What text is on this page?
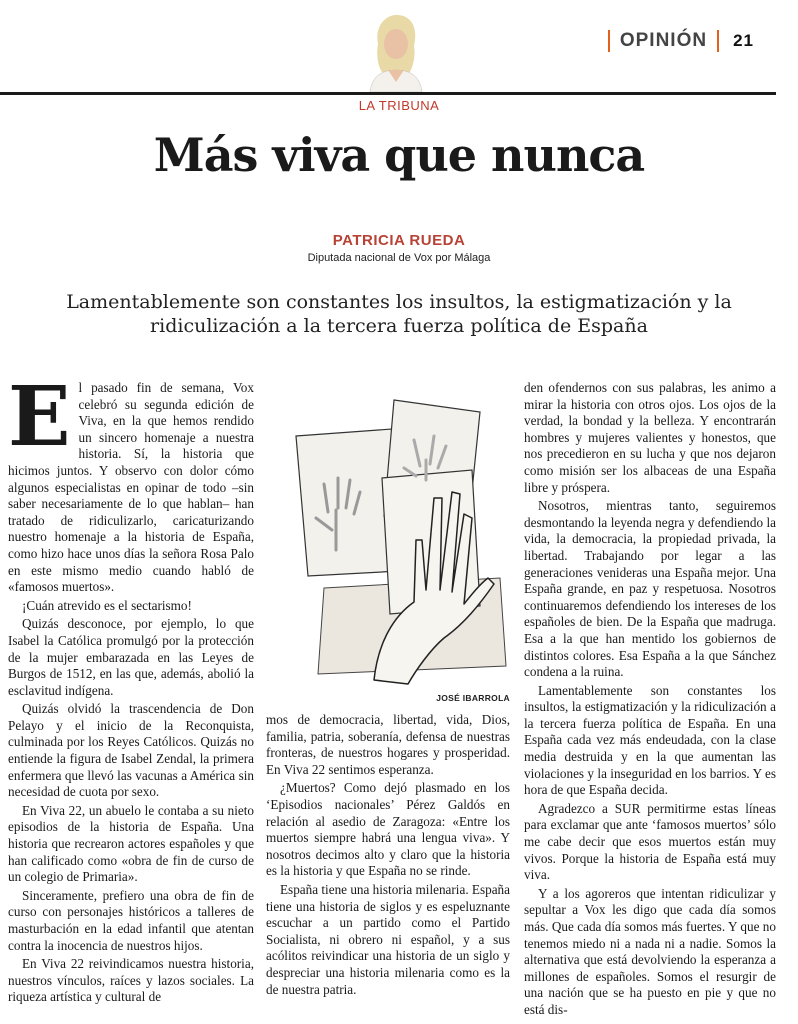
OPINIÓN 21
LA TRIBUNA
Más viva que nunca
PATRICIA RUEDA
Diputada nacional de Vox por Málaga
Lamentablemente son constantes los insultos, la estigmatización y la ridiculización a la tercera fuerza política de España

El pasado fin de semana, Vox celebró su segunda edición de Viva, en la que hemos rendido un sincero homenaje a nuestra historia. Sí, la historia que hicimos juntos. Y observo con dolor cómo algunos especialistas en opinar de todo –sin saber necesariamente de lo que hablan– han tratado de ridiculizarlo, caricaturizando nuestro homenaje a la historia de España, como hizo hace unos días la señora Rosa Palo en este mismo medio cuando habló de «famosos muertos».

¡Cuán atrevido es el sectarismo!

Quizás desconoce, por ejemplo, lo que Isabel la Católica promulgó por la protección de la mujer embarazada en las Leyes de Burgos de 1512, en las que, además, abolió la esclavitud indígena.

Quizás olvidó la trascendencia de Don Pelayo y el inicio de la Reconquista, culminada por los Reyes Católicos. Quizás no entiende la figura de Isabel Zendal, la primera enfermera que llevó las vacunas a América sin necesidad de cuota por sexo.

En Viva 22, un abuelo le contaba a su nieto episodios de la historia de España. Una historia que recrearon actores españoles y que han calificado como «obra de fin de curso de un colegio de Primaria».

Sinceramente, prefiero una obra de fin de curso con personajes históricos a talleres de masturbación en la edad infantil que atentan contra la inocencia de nuestros hijos.

En Viva 22 reivindicamos nuestra historia, nuestros vínculos, raíces y lazos sociales. La riqueza artística y cultural de

JOSÉ IBARROLA

mos de democracia, libertad, vida, Dios, familia, patria, soberanía, defensa de nuestras fronteras, de nuestros hogares y prosperidad. En Viva 22 sentimos esperanza.

¿Muertos? Como dejó plasmado en los ‘Episodios nacionales’ Pérez Galdós en relación al asedio de Zaragoza: «Entre los muertos siempre habrá una lengua viva». Y nosotros decimos alto y claro que la historia es la historia y que España no se rinde.

España tiene una historia milenaria. España tiene una historia de siglos y es espeluznante escuchar a un partido como el Partido Socialista, ni obrero ni español, y a sus acólitos reivindicar una historia de un siglo y despreciar una historia milenaria como es la de nuestra patria.

den ofendernos con sus palabras, les animo a mirar la historia con otros ojos. Los ojos de la verdad, la bondad y la belleza. Y encontrarán hombres y mujeres valientes y honestos, que nos precedieron en su lucha y que nos dejaron como misión ser los albaceas de una España libre y próspera.

Nosotros, mientras tanto, seguiremos desmontando la leyenda negra y defendiendo la vida, la democracia, la propiedad privada, la libertad. Trabajando por legar a las generaciones venideras una España mejor. Una España grande, en paz y respetuosa. Nosotros continuaremos defendiendo los intereses de los españoles de bien. De la España que madruga. Esa a la que han mentido los gobiernos de distintos colores. Esa España a la que Sánchez condena a la ruina.

Lamentablemente son constantes los insultos, la estigmatización y la ridiculización a la tercera fuerza política de España. En una España cada vez más endeudada, con la clase media destruida y en la que aumentan las violaciones y la inseguridad en los barrios. Y es hora de que España decida.

Agradezco a SUR permitirme estas líneas para exclamar que ante ‘famosos muertos’ sólo me cabe decir que esos muertos están muy vivos. Porque la historia de España está muy viva.

Y a los agoreros que intentan ridiculizar y sepultar a Vox les digo que cada día somos más. Que cada día somos más fuertes. Y que no tenemos miedo ni a nada ni a nadie. Somos la alternativa que está devolviendo la esperanza a millones de españoles. Somos el resurgir de una nación que se ha puesto en pie y que no está dis-
